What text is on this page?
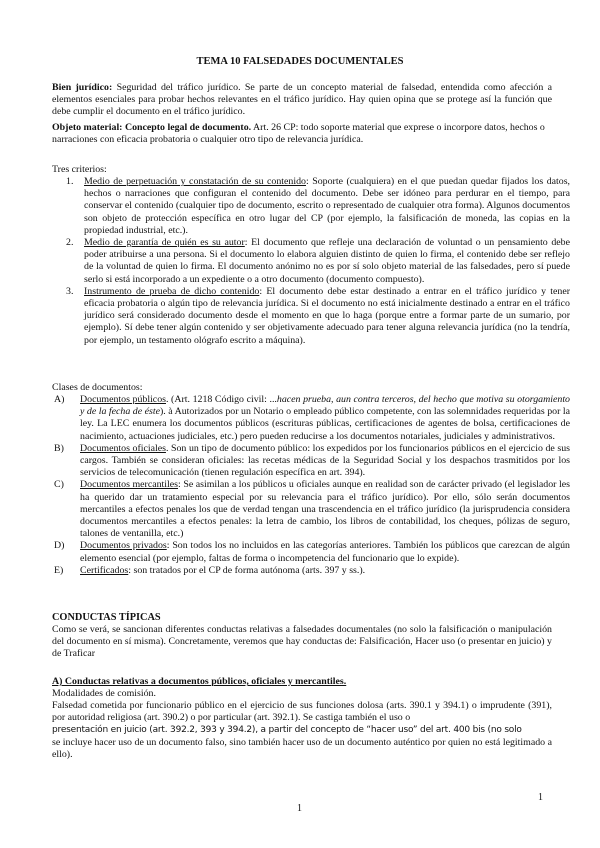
TEMA 10 FALSEDADES DOCUMENTALES
Bien jurídico: Seguridad del tráfico jurídico. Se parte de un concepto material de falsedad, entendida como afección a elementos esenciales para probar hechos relevantes en el tráfico jurídico. Hay quien opina que se protege así la función que debe cumplir el documento en el tráfico jurídico.
Objeto material: Concepto legal de documento. Art. 26 CP: todo soporte material que exprese o incorpore datos, hechos o narraciones con eficacia probatoria o cualquier otro tipo de relevancia jurídica.
Tres criterios:
1. Medio de perpetuación y constatación de su contenido: Soporte (cualquiera) en el que puedan quedar fijados los datos, hechos o narraciones que configuran el contenido del documento. Debe ser idóneo para perdurar en el tiempo, para conservar el contenido (cualquier tipo de documento, escrito o representado de cualquier otra forma). Algunos documentos son objeto de protección específica en otro lugar del CP (por ejemplo, la falsificación de moneda, las copias en la propiedad industrial, etc.).
2. Medio de garantía de quién es su autor: El documento que refleje una declaración de voluntad o un pensamiento debe poder atribuirse a una persona. Si el documento lo elabora alguien distinto de quien lo firma, el contenido debe ser reflejo de la voluntad de quien lo firma. El documento anónimo no es por sí solo objeto material de las falsedades, pero sí puede serlo si está incorporado a un expediente o a otro documento (documento compuesto).
3. Instrumento de prueba de dicho contenido: El documento debe estar destinado a entrar en el tráfico jurídico y tener eficacia probatoria o algún tipo de relevancia jurídica. Si el documento no está inicialmente destinado a entrar en el tráfico jurídico será considerado documento desde el momento en que lo haga (porque entre a formar parte de un sumario, por ejemplo). Sí debe tener algún contenido y ser objetivamente adecuado para tener alguna relevancia jurídica (no la tendría, por ejemplo, un testamento ológrafo escrito a máquina).
Clases de documentos:
A) Documentos públicos. (Art. 1218 Código civil: ...hacen prueba, aun contra terceros, del hecho que motiva su otorgamiento y de la fecha de éste). à Autorizados por un Notario o empleado público competente, con las solemnidades requeridas por la ley. La LEC enumera los documentos públicos (escrituras públicas, certificaciones de agentes de bolsa, certificaciones de nacimiento, actuaciones judiciales, etc.) pero pueden reducirse a los documentos notariales, judiciales y administrativos.
B) Documentos oficiales. Son un tipo de documento público: los expedidos por los funcionarios públicos en el ejercicio de sus cargos. También se consideran oficiales: las recetas médicas de la Seguridad Social y los despachos trasmitidos por los servicios de telecomunicación (tienen regulación específica en art. 394).
C) Documentos mercantiles: Se asimilan a los públicos u oficiales aunque en realidad son de carácter privado (el legislador les ha querido dar un tratamiento especial por su relevancia para el tráfico jurídico). Por ello, sólo serán documentos mercantiles a efectos penales los que de verdad tengan una trascendencia en el tráfico jurídico (la jurisprudencia considera documentos mercantiles a efectos penales: la letra de cambio, los libros de contabilidad, los cheques, pólizas de seguro, talones de ventanilla, etc.)
D) Documentos privados: Son todos los no incluidos en las categorías anteriores. También los públicos que carezcan de algún elemento esencial (por ejemplo, faltas de forma o incompetencia del funcionario que lo expide).
E) Certificados: son tratados por el CP de forma autónoma (arts. 397 y ss.).
CONDUCTAS TÍPICAS
Como se verá, se sancionan diferentes conductas relativas a falsedades documentales (no solo la falsificación o manipulación del documento en sí misma). Concretamente, veremos que hay conductas de: Falsificación, Hacer uso (o presentar en juicio) y de Traficar
A) Conductas relativas a documentos públicos, oficiales y mercantiles.
Modalidades de comisión.
Falsedad cometida por funcionario público en el ejercicio de sus funciones dolosa (arts. 390.1 y 394.1) o imprudente (391), por autoridad religiosa (art. 390.2) o por particular (art. 392.1). Se castiga también el uso o
presentación en juicio (art. 392.2, 393 y 394.2), a partir del concepto de “hacer uso” del art. 400 bis (no solo
se incluye hacer uso de un documento falso, sino también hacer uso de un documento auténtico por quien no está legitimado a ello).
1
1
